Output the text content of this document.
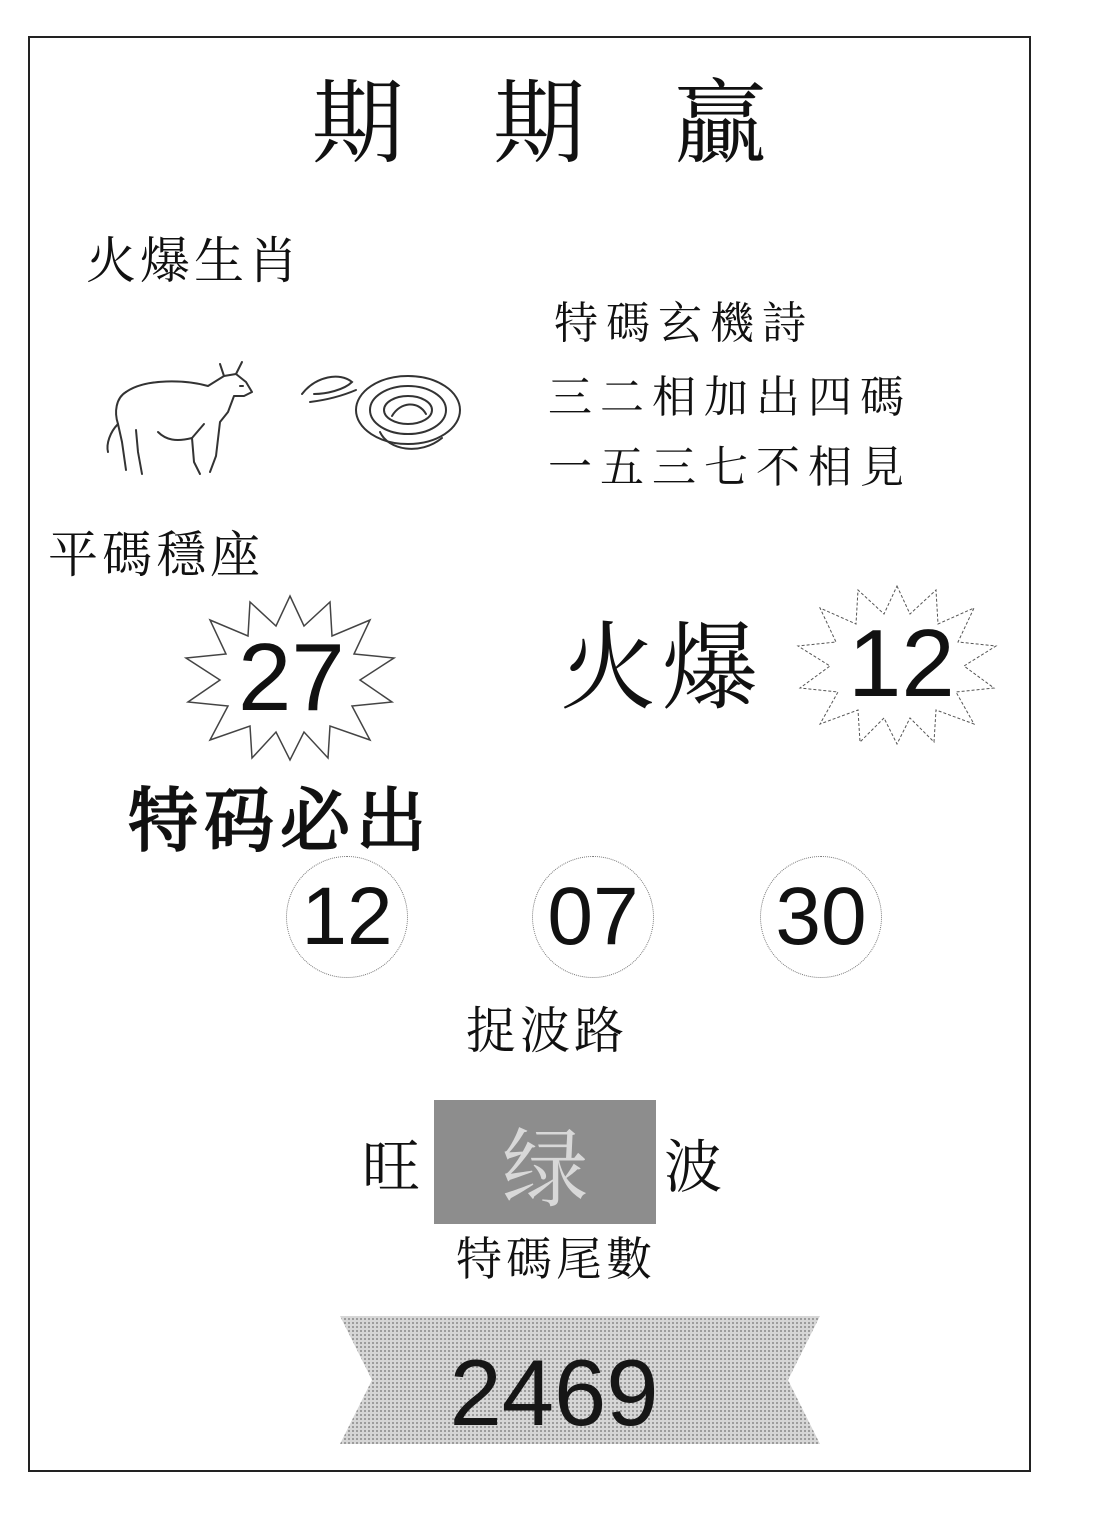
期 期 贏
火爆生肖
特碼玄機詩
三二相加出四碼
一五三七不相見
平碼穩座
27 火爆 12
特码必出
12 07 30
捉波路
旺 绿 波
特碼尾數
2469
